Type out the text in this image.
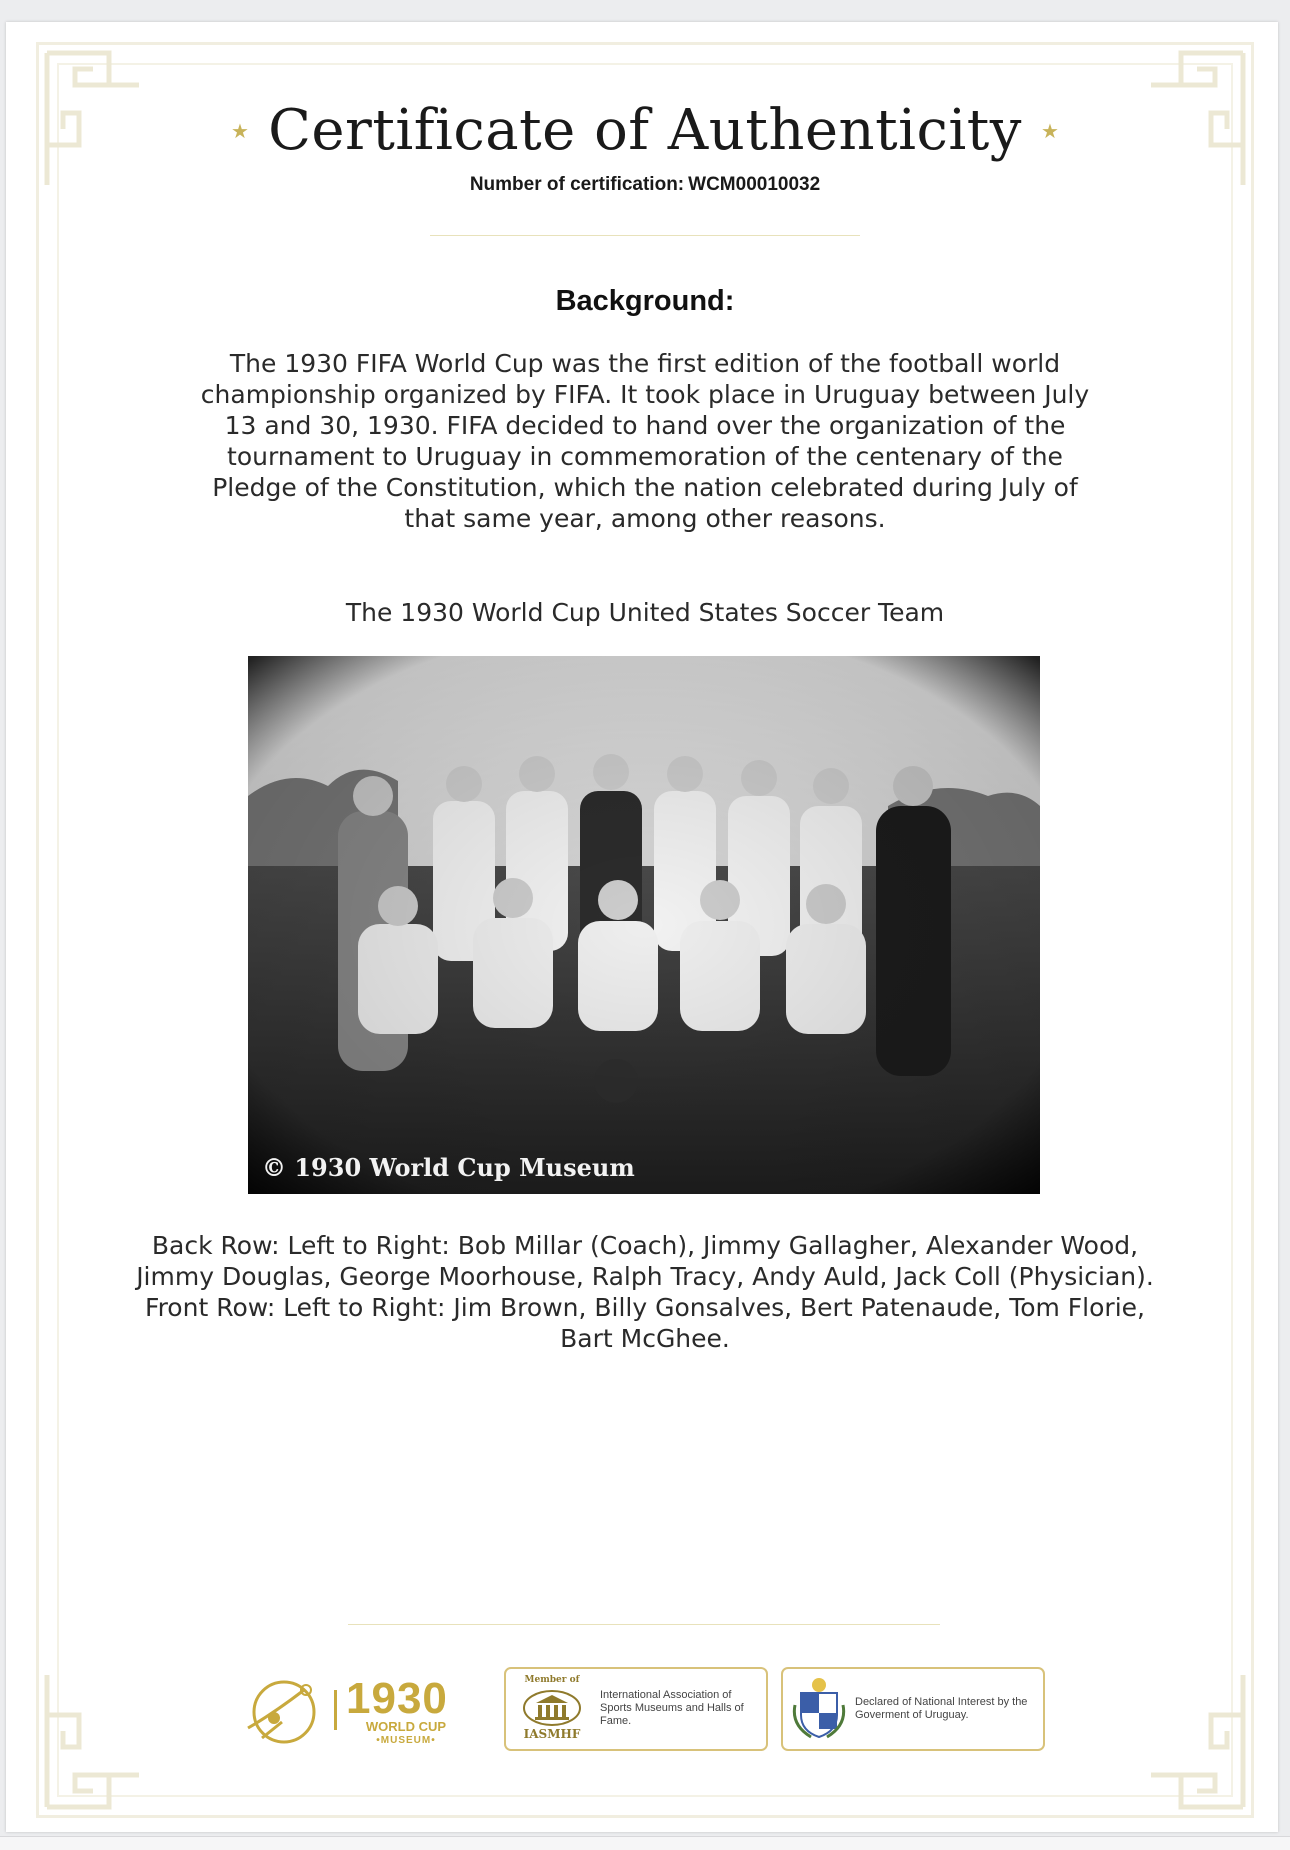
★ Certificate of Authenticity ★
Number of certification: WCM00010032
Background:
The 1930 FIFA World Cup was the first edition of the football world
championship organized by FIFA. It took place in Uruguay between July
13 and 30, 1930. FIFA decided to hand over the organization of the
tournament to Uruguay in commemoration of the centenary of the
Pledge of the Constitution, which the nation celebrated during July of
that same year, among other reasons.
The 1930 World Cup United States Soccer Team
© 1930 World Cup Museum
Back Row: Left to Right: Bob Millar (Coach), Jimmy Gallagher, Alexander Wood,
Jimmy Douglas, George Moorhouse, Ralph Tracy, Andy Auld, Jack Coll (Physician).
Front Row: Left to Right: Jim Brown, Billy Gonsalves, Bert Patenaude, Tom Florie,
Bart McGhee.
1930
WORLD CUP
•MUSEUM•
Member of
IASMHF
International Association of Sports Museums and Halls of Fame.
Declared of National Interest by the Goverment of Uruguay.
